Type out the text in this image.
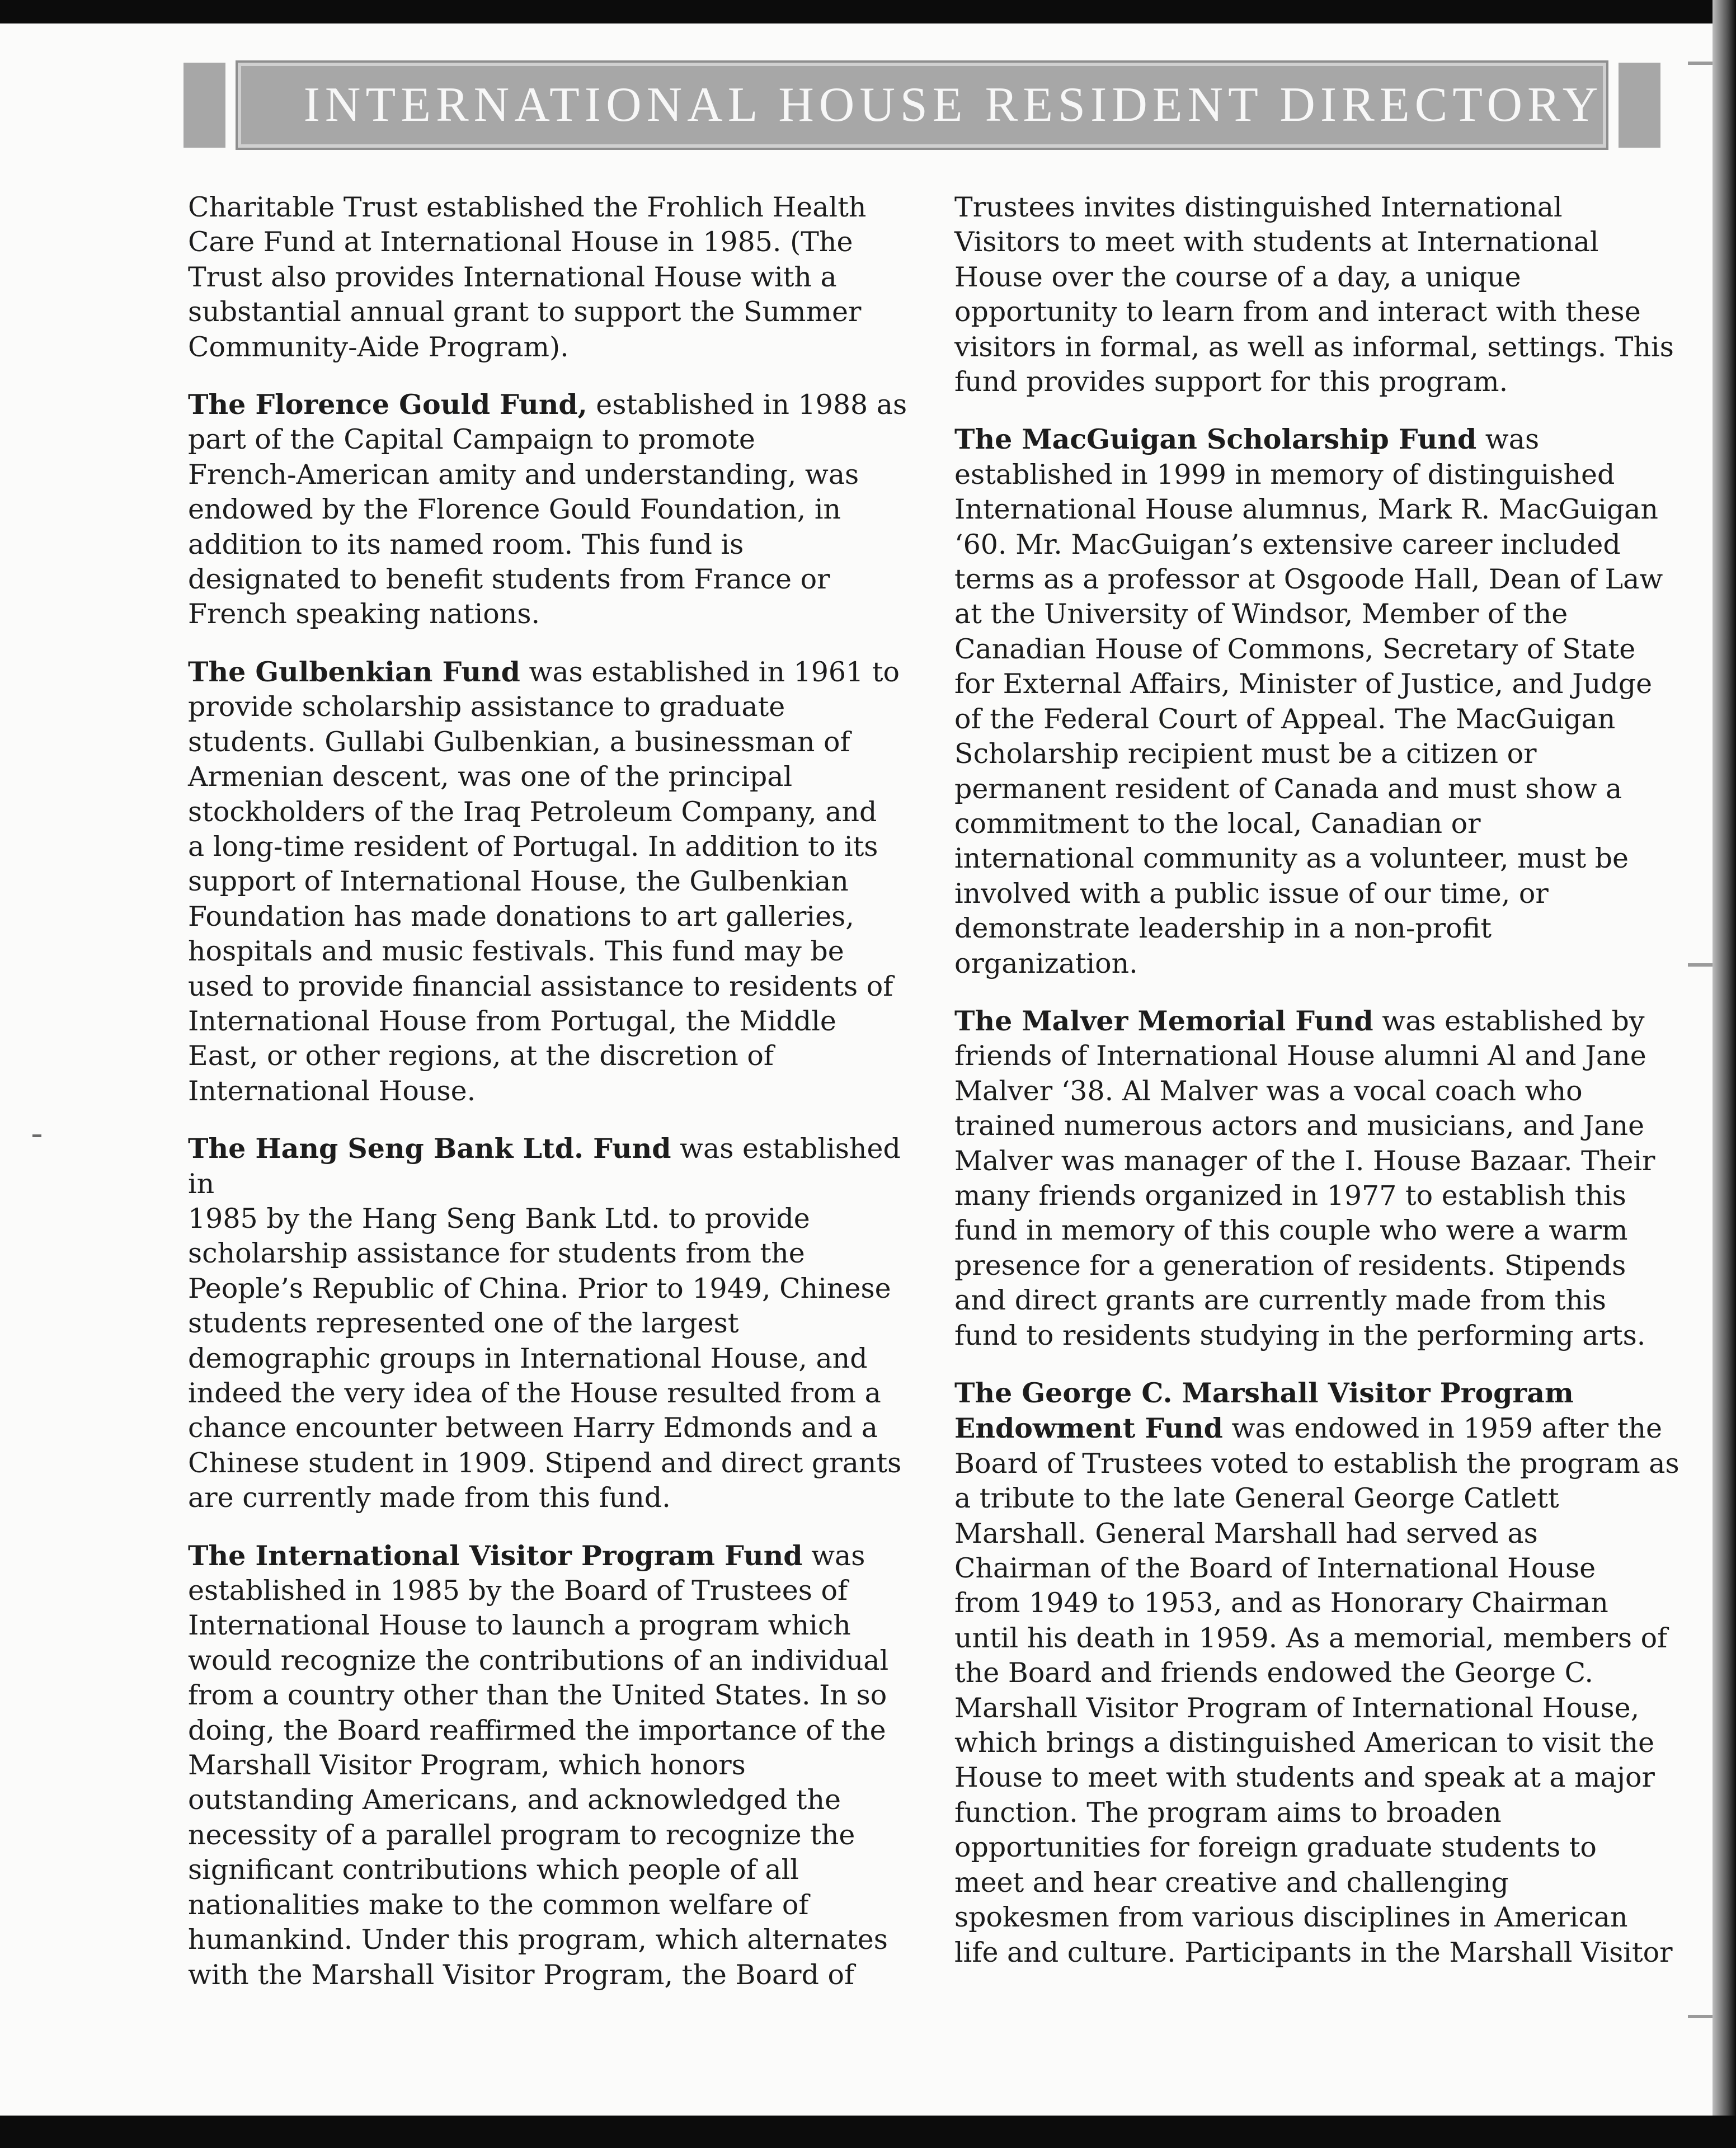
INTERNATIONAL HOUSE RESIDENT DIRECTORY

Charitable Trust established the Frohlich Health
Care Fund at International House in 1985. (The
Trust also provides International House with a
substantial annual grant to support the Summer
Community-Aide Program).

The Florence Gould Fund, established in 1988 as
part of the Capital Campaign to promote
French-American amity and understanding, was
endowed by the Florence Gould Foundation, in
addition to its named room. This fund is
designated to benefit students from France or
French speaking nations.

The Gulbenkian Fund was established in 1961 to
provide scholarship assistance to graduate
students. Gullabi Gulbenkian, a businessman of
Armenian descent, was one of the principal
stockholders of the Iraq Petroleum Company, and
a long-time resident of Portugal. In addition to its
support of International House, the Gulbenkian
Foundation has made donations to art galleries,
hospitals and music festivals. This fund may be
used to provide financial assistance to residents of
International House from Portugal, the Middle
East, or other regions, at the discretion of
International House.

The Hang Seng Bank Ltd. Fund was established in
1985 by the Hang Seng Bank Ltd. to provide
scholarship assistance for students from the
People’s Republic of China. Prior to 1949, Chinese
students represented one of the largest
demographic groups in International House, and
indeed the very idea of the House resulted from a
chance encounter between Harry Edmonds and a
Chinese student in 1909. Stipend and direct grants
are currently made from this fund.

The International Visitor Program Fund was
established in 1985 by the Board of Trustees of
International House to launch a program which
would recognize the contributions of an individual
from a country other than the United States. In so
doing, the Board reaffirmed the importance of the
Marshall Visitor Program, which honors
outstanding Americans, and acknowledged the
necessity of a parallel program to recognize the
significant contributions which people of all
nationalities make to the common welfare of
humankind. Under this program, which alternates
with the Marshall Visitor Program, the Board of

Trustees invites distinguished International
Visitors to meet with students at International
House over the course of a day, a unique
opportunity to learn from and interact with these
visitors in formal, as well as informal, settings. This
fund provides support for this program.

The MacGuigan Scholarship Fund was
established in 1999 in memory of distinguished
International House alumnus, Mark R. MacGuigan
‘60. Mr. MacGuigan’s extensive career included
terms as a professor at Osgoode Hall, Dean of Law
at the University of Windsor, Member of the
Canadian House of Commons, Secretary of State
for External Affairs, Minister of Justice, and Judge
of the Federal Court of Appeal. The MacGuigan
Scholarship recipient must be a citizen or
permanent resident of Canada and must show a
commitment to the local, Canadian or
international community as a volunteer, must be
involved with a public issue of our time, or
demonstrate leadership in a non-profit
organization.

The Malver Memorial Fund was established by
friends of International House alumni Al and Jane
Malver ‘38. Al Malver was a vocal coach who
trained numerous actors and musicians, and Jane
Malver was manager of the I. House Bazaar. Their
many friends organized in 1977 to establish this
fund in memory of this couple who were a warm
presence for a generation of residents. Stipends
and direct grants are currently made from this
fund to residents studying in the performing arts.

The George C. Marshall Visitor Program
Endowment Fund was endowed in 1959 after the
Board of Trustees voted to establish the program as
a tribute to the late General George Catlett
Marshall. General Marshall had served as
Chairman of the Board of International House
from 1949 to 1953, and as Honorary Chairman
until his death in 1959. As a memorial, members of
the Board and friends endowed the George C.
Marshall Visitor Program of International House,
which brings a distinguished American to visit the
House to meet with students and speak at a major
function. The program aims to broaden
opportunities for foreign graduate students to
meet and hear creative and challenging
spokesmen from various disciplines in American
life and culture. Participants in the Marshall Visitor
